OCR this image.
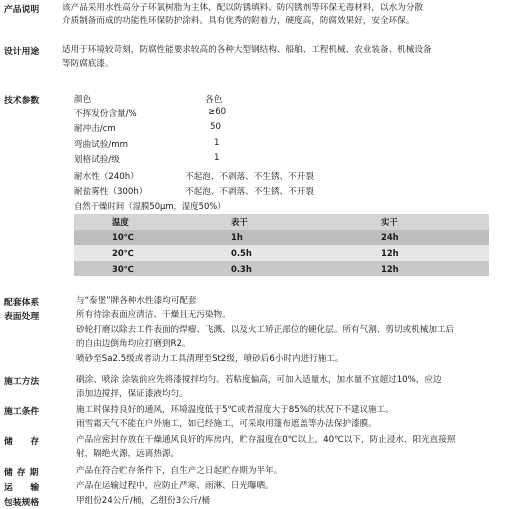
产品说明	该产品采用水性高分子环氧树脂为主体，配以防锈填料、防闪锈剂等环保无毒材料，以水为分散
介质制备而成的功能性环保防护涂料。具有优秀的附着力，硬度高，防腐效果好，安全环保。
设计用途	适用于环境较苛刻，防腐性能要求较高的各种大型钢结构、船舶、工程机械、农业装备、机械设备
等防腐底漆。
技术参数	颜色	各色
不挥发份含量/%	≥60
耐冲击/cm	50
弯曲试验/mm	1
划格试验/级	1
耐水性（240h）	不起泡、不剥落、不生锈、不开裂
耐盐雾性（300h）	不起泡、不剥落、不生锈、不开裂
自然干燥时间（湿膜50μm，湿度50%）
温度	表干	实干
10℃	1h	24h
20℃	0.5h	12h
30℃	0.3h	12h
配套体系	与“泰堡”牌各种水性漆均可配套
表面处理	所有待涂表面应清洁、干燥且无污染物。
砂轮打磨以除去工件表面的焊瘤、飞溅、以及火工矫正部位的硬化层。所有气割、剪切或机械加工后
的自由边倒角均应打磨到R2。
喷砂至Sa2.5级或者动力工具清理至St2级，喷砂后6小时内进行施工。
施工方法	刷涂、喷涂 涂装前应先将漆搅拌均匀。若粘度偏高，可加入适量水，加水量不宜超过10%，应边
添加边搅拌，保证漆液均匀。
施工条件	施工时保持良好的通风，环境温度低于5℃或者湿度大于85%的状况下不建议施工。
雨雪霜天气不能在户外施工，如已经施工，可采取用篷布遮盖等办法保护漆膜。
储　　存	产品应密封存放在干燥通风良好的库房内，贮存温度在0℃以上，40℃以下，防止浸水、阳光直接照
射，隔绝火源，远离热源。
储存期	产品在符合贮存条件下，自生产之日起贮存期为半年。
运　　输	产品在运输过程中，应防止严寒、雨淋、日光曝晒。
包装规格	甲组份24公斤/桶，乙组份3公斤/桶
